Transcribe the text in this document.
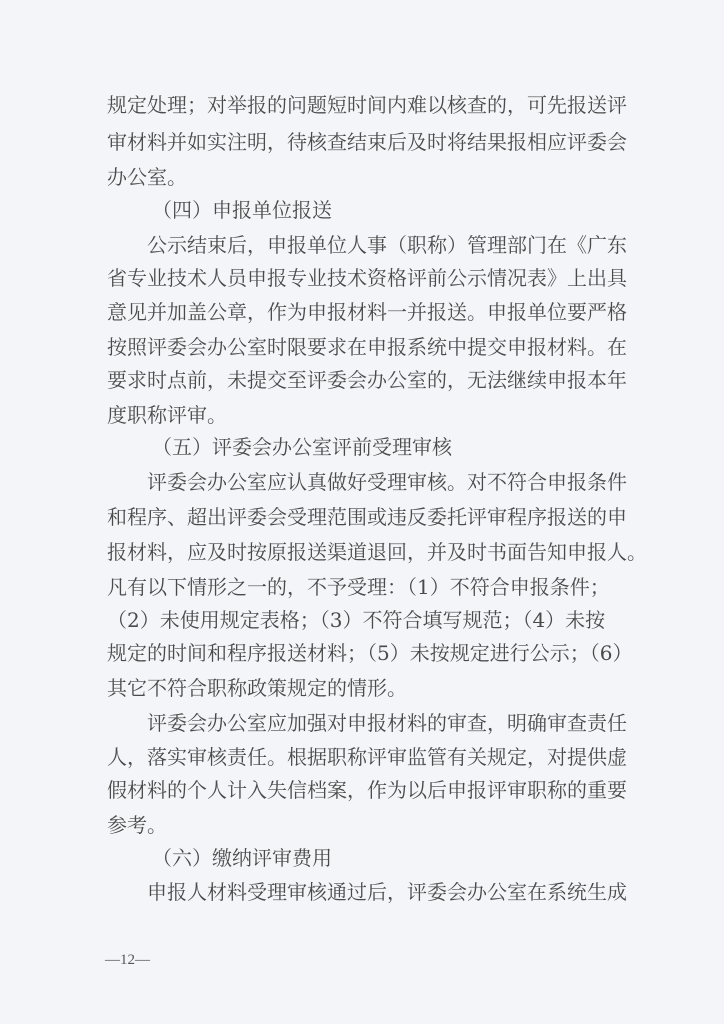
规定处理；对举报的问题短时间内难以核查的，可先报送评
审材料并如实注明，待核查结束后及时将结果报相应评委会
办公室。
（四）申报单位报送
公示结束后，申报单位人事（职称）管理部门在《广东
省专业技术人员申报专业技术资格评前公示情况表》上出具
意见并加盖公章，作为申报材料一并报送。申报单位要严格
按照评委会办公室时限要求在申报系统中提交申报材料。在
要求时点前，未提交至评委会办公室的，无法继续申报本年
度职称评审。
（五）评委会办公室评前受理审核
评委会办公室应认真做好受理审核。对不符合申报条件
和程序、超出评委会受理范围或违反委托评审程序报送的申
报材料，应及时按原报送渠道退回，并及时书面告知申报人。
凡有以下情形之一的，不予受理：（1）不符合申报条件；
（2）未使用规定表格；（3）不符合填写规范；（4）未按
规定的时间和程序报送材料；（5）未按规定进行公示；（6）
其它不符合职称政策规定的情形。
评委会办公室应加强对申报材料的审查，明确审查责任
人，落实审核责任。根据职称评审监管有关规定，对提供虚
假材料的个人计入失信档案，作为以后申报评审职称的重要
参考。
（六）缴纳评审费用
申报人材料受理审核通过后，评委会办公室在系统生成
—12—
